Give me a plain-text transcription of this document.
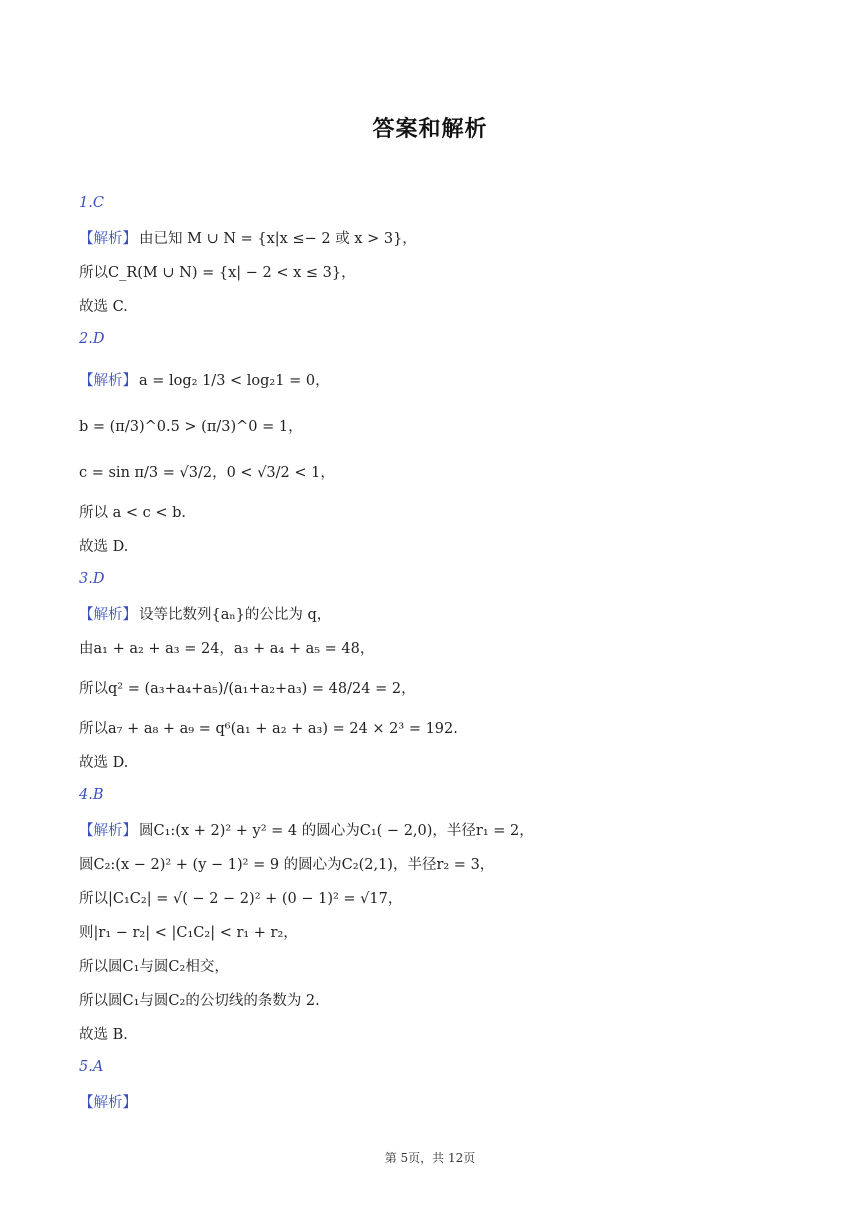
答案和解析
1.C
【解析】 由已知 M ∪ N = {x|x ≤− 2 或 x > 3}，
所以C_R(M ∪ N) = {x| − 2 < x ≤ 3}，
故选 C.
2.D
【解析】 a = log₂ 1/3 < log₂1 = 0，
b = (π/3)^0.5 > (π/3)^0 = 1，
c = sin π/3 = √3/2，0 < √3/2 < 1，
所以 a < c < b.
故选 D.
3.D
【解析】 设等比数列{aₙ}的公比为 q，
由a₁ + a₂ + a₃ = 24，a₃ + a₄ + a₅ = 48，
所以q² = (a₃+a₄+a₅)/(a₁+a₂+a₃) = 48/24 = 2，
所以a₇ + a₈ + a₉ = q⁶(a₁ + a₂ + a₃) = 24 × 2³ = 192.
故选 D.
4.B
【解析】 圆C₁:(x + 2)² + y² = 4 的圆心为C₁( − 2,0)，半径r₁ = 2，
圆C₂:(x − 2)² + (y − 1)² = 9 的圆心为C₂(2,1)，半径r₂ = 3，
所以|C₁C₂| = √( − 2 − 2)² + (0 − 1)² = √17，
则|r₁ − r₂| < |C₁C₂| < r₁ + r₂，
所以圆C₁与圆C₂相交，
所以圆C₁与圆C₂的公切线的条数为 2.
故选 B.
5.A
【解析】
第 5页，共 12页
